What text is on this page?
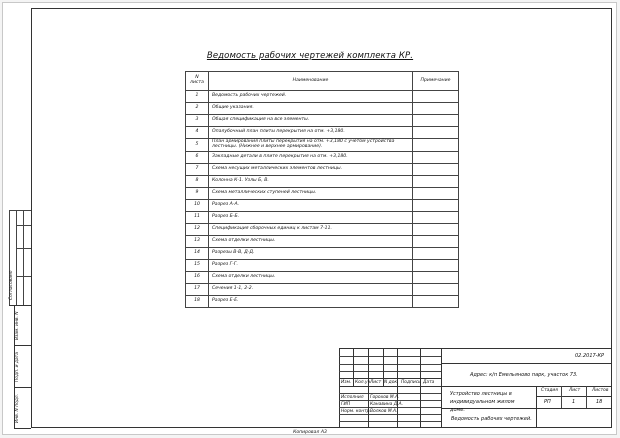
Ведомость рабочих чертежей комплекта КР.
N листа	Наименование	Примечание
1	Ведомость рабочих чертежей.	
2	Общие указания.	
3	Общая спецификация на все элементы.	
4	Опалубочный план плиты перекрытия на отм. +3,180.	
5	План армирования плиты перекрытия на отм. +3,180 с учетом устройства лестницы. (Нижнее и верхнее армирование).	
6	Закладные детали в плите перекрытия на отм. +3,180.	
7	Схема несущих металлических элементов лестницы.	
8	Колонна К-1. Узлы Б, В.	
9	Схема металлических ступеней лестницы.	
10	Разрез А-А.	
11	Разрез Б-Б.	
12	Спецификация сборочных единиц к листам 7-11.	
13	Схема отделки лестницы.	
14	Разрезы В-В, Д-Д.	
15	Разрез Г-Г.	
16	Схема отделки лестницы.	
17	Сечения 1-1, 2-2.	
18	Разрез Е-Е.	
Изм. Кол.уч Лист N док. Подпись Дата
Исполнил Горохов М.А.
ГИП	Канавина Д.А.
Норм. контр. Волков М.А.
02.2017-КР
Адрес: к/п Емельяново парк, участок 73.
Устройство лестницы в индивидуальном жилом доме.
Стадия	Лист	Листов
РП	1	18
Ведомость рабочих чертежей.
Согласовано
Взам. инв. N
Подп. и дата
Инв. N подл.
Копировал А3
